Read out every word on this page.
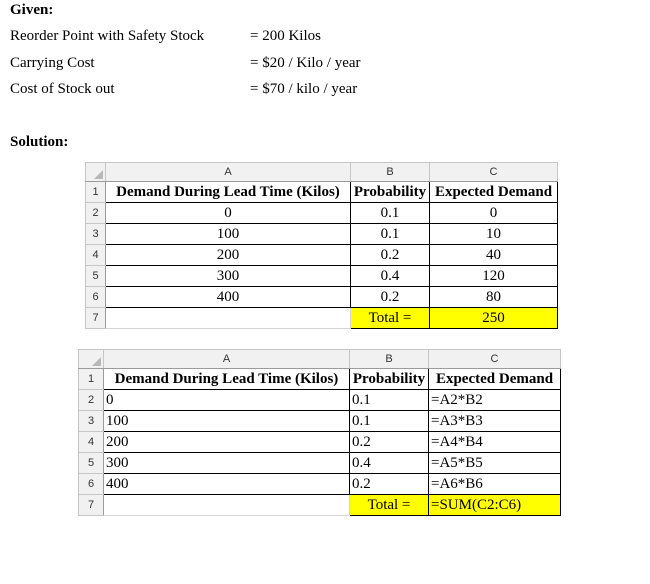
Given:
Reorder Point with Safety Stock	= 200 Kilos
Carrying Cost	= $20 / Kilo / year
Cost of Stock out	= $70 / kilo / year
Solution:
	A	B	C
1	Demand During Lead Time (Kilos)	Probability	Expected Demand
2	0	0.1	0
3	100	0.1	10
4	200	0.2	40
5	300	0.4	120
6	400	0.2	80
7		Total =	250
	A	B	C
1	Demand During Lead Time (Kilos)	Probability	Expected Demand
2	0	0.1	=A2*B2
3	100	0.1	=A3*B3
4	200	0.2	=A4*B4
5	300	0.4	=A5*B5
6	400	0.2	=A6*B6
7		Total =	=SUM(C2:C6)
